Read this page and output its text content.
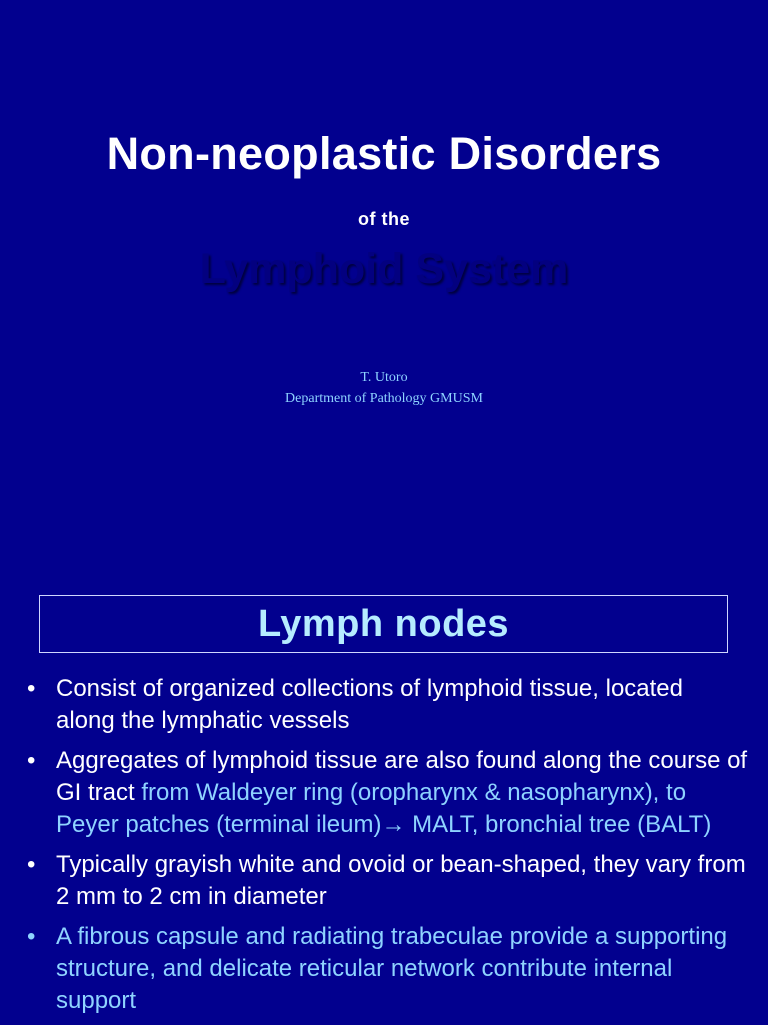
Non-neoplastic Disorders
of the
Lymphoid System
T. Utoro
Department of Pathology GMUSM
Lymph nodes
• Consist of organized collections of lymphoid tissue, located along the lymphatic vessels
• Aggregates of lymphoid tissue are also found along the course of GI tract from Waldeyer ring (oropharynx & nasopharynx), to Peyer patches (terminal ileum)→ MALT, bronchial tree (BALT)
• Typically grayish white and ovoid or bean-shaped, they vary from 2 mm to 2 cm in diameter
• A fibrous capsule and radiating trabeculae provide a supporting structure, and delicate reticular network contribute internal support
